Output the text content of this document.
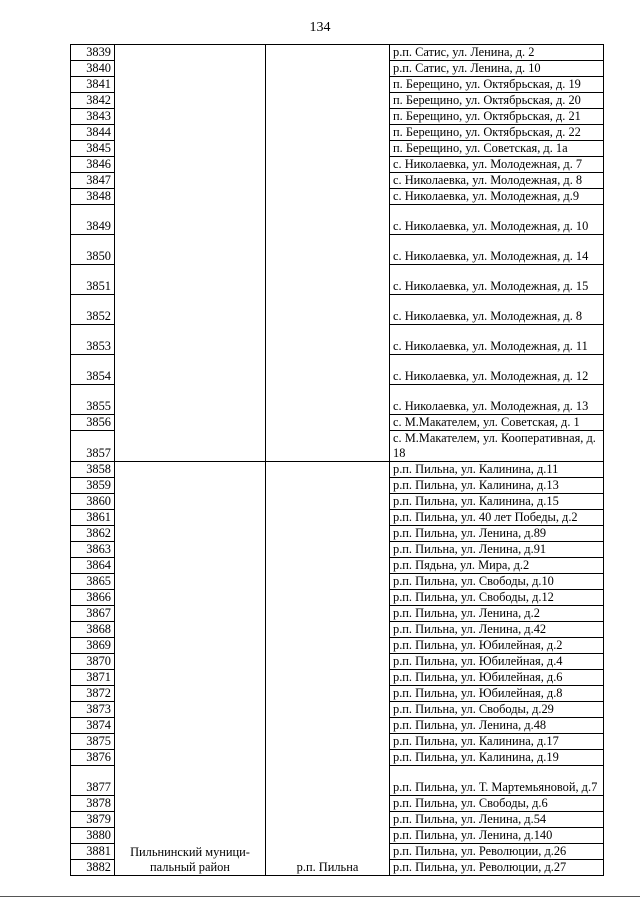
134
3839			р.п. Сатис, ул. Ленина, д. 2
3840			р.п. Сатис, ул. Ленина, д. 10
3841			п. Берещино, ул. Октябрьская, д. 19
3842			п. Берещино, ул. Октябрьская, д. 20
3843			п. Берещино, ул. Октябрьская, д. 21
3844			п. Берещино, ул. Октябрьская, д. 22
3845			п. Берещино, ул. Советская, д. 1а
3846			с. Николаевка, ул. Молодежная, д. 7
3847			с. Николаевка, ул. Молодежная, д. 8
3848			с. Николаевка, ул. Молодежная, д.9
3849			с. Николаевка, ул. Молодежная, д. 10
3850			с. Николаевка, ул. Молодежная, д. 14
3851			с. Николаевка, ул. Молодежная, д. 15
3852			с. Николаевка, ул. Молодежная, д. 8
3853			с. Николаевка, ул. Молодежная, д. 11
3854			с. Николаевка, ул. Молодежная, д. 12
3855			с. Николаевка, ул. Молодежная, д. 13
3856			с. М.Макателем, ул. Советская, д. 1
3857			с. М.Макателем, ул. Кооперативная, д. 18
3858	Пильнинский муници-пальный район	р.п. Пильна	р.п. Пильна, ул. Калинина, д.11
3859			р.п. Пильна, ул. Калинина, д.13
3860			р.п. Пильна, ул. Калинина, д.15
3861			р.п. Пильна, ул. 40 лет Победы, д.2
3862			р.п. Пильна, ул. Ленина, д.89
3863			р.п. Пильна, ул. Ленина, д.91
3864			р.п. Пядьна, ул. Мира, д.2
3865			р.п. Пильна, ул. Свободы, д.10
3866			р.п. Пильна, ул. Свободы, д.12
3867			р.п. Пильна, ул. Ленина, д.2
3868			р.п. Пильна, ул. Ленина, д.42
3869			р.п. Пильна, ул. Юбилейная, д.2
3870			р.п. Пильна, ул. Юбилейная, д.4
3871			р.п. Пильна, ул. Юбилейная, д.6
3872			р.п. Пильна, ул. Юбилейная, д.8
3873			р.п. Пильна, ул. Свободы, д.29
3874			р.п. Пильна, ул. Ленина, д.48
3875			р.п. Пильна, ул. Калинина, д.17
3876			р.п. Пильна, ул. Калинина, д.19
3877			р.п. Пильна, ул. Т. Мартемьяновой, д.7
3878			р.п. Пильна, ул. Свободы, д.6
3879			р.п. Пильна, ул. Ленина, д.54
3880			р.п. Пильна, ул. Ленина, д.140
3881			р.п. Пильна, ул. Революции, д.26
3882			р.п. Пильна, ул. Революции, д.27
